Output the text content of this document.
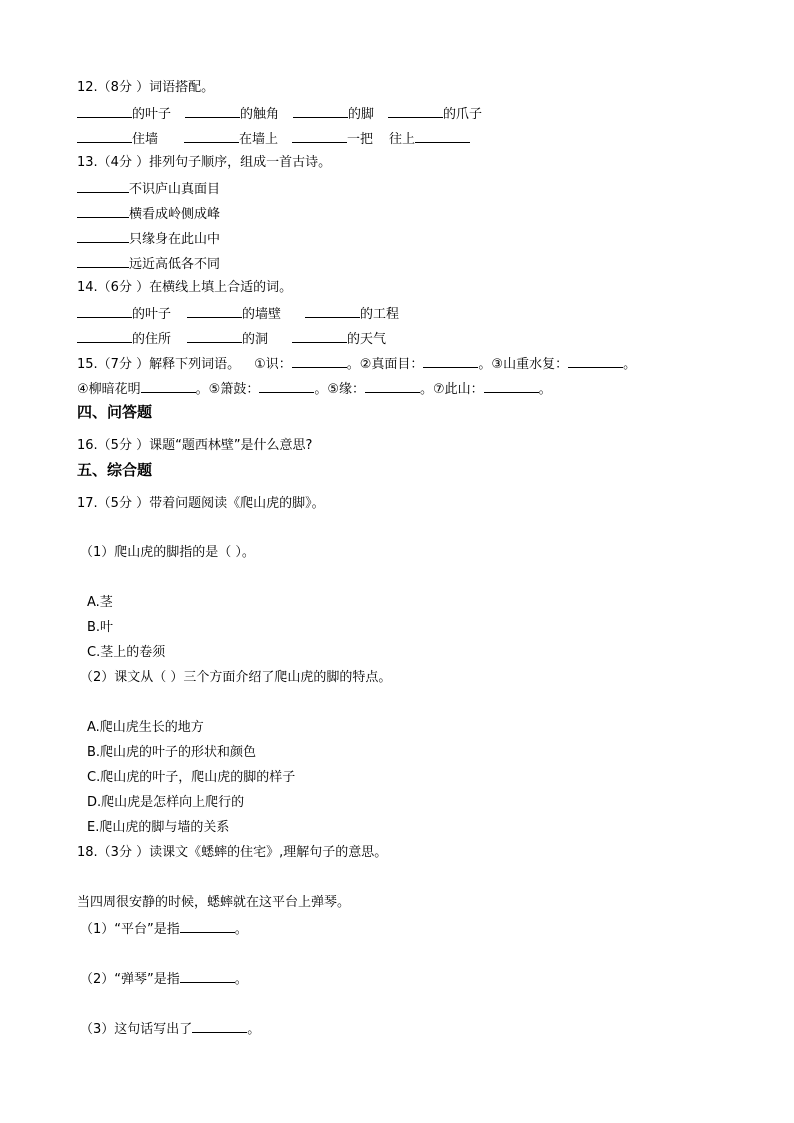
12.（8分 ）词语搭配。
的叶子	的触角	的脚	的爪子
住墙	在墙上	一把 往上
13.（4分 ）排列句子顺序，组成一首古诗。
不识庐山真面目
横看成岭侧成峰
只缘身在此山中
远近高低各不同
14.（6分 ）在横线上填上合适的词。
的叶子	的墙壁	的工程
的住所	的洞	的天气
15.（7分 ）解释下列词语。 ①识：	。②真面目：	。③山重水复：	。
④柳暗花明	。⑤箫鼓：	。⑤缘：	。⑦此山：	。
四、问答题
16.（5分 ）课题“题西林壁”是什么意思?
五、综合题
17.（5分 ）带着问题阅读《爬山虎的脚》。
（1）爬山虎的脚指的是（ ）。
A.茎
B.叶
C.茎上的卷须
（2）课文从（ ）三个方面介绍了爬山虎的脚的特点。
A.爬山虎生长的地方
B.爬山虎的叶子的形状和颜色
C.爬山虎的叶子，爬山虎的脚的样子
D.爬山虎是怎样向上爬行的
E.爬山虎的脚与墙的关系
18.（3分 ）读课文《蟋蟀的住宅》,理解句子的意思。
当四周很安静的时候，蟋蟀就在这平台上弹琴。
（1）“平台”是指	。
（2）“弹琴”是指	。
（3）这句话写出了	。
